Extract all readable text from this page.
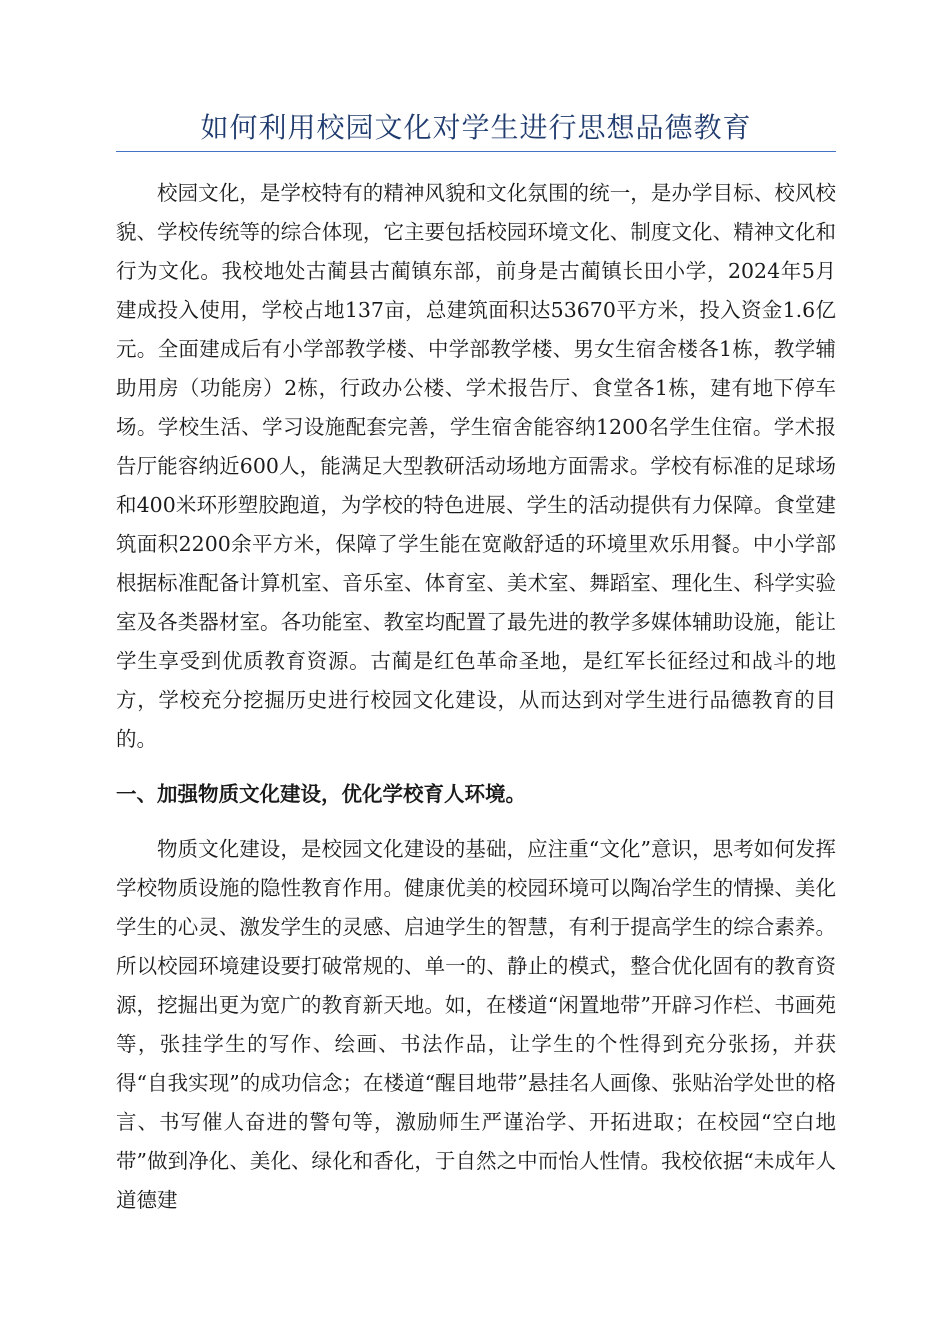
如何利用校园文化对学生进行思想品德教育

校园文化，是学校特有的精神风貌和文化氛围的统一，是办学目标、校风校貌、学校传统等的综合体现，它主要包括校园环境文化、制度文化、精神文化和行为文化。我校地处古蔺县古蔺镇东部，前身是古蔺镇长田小学，2024年5月建成投入使用，学校占地137亩，总建筑面积达53670平方米，投入资金1.6亿元。全面建成后有小学部教学楼、中学部教学楼、男女生宿舍楼各1栋，教学辅助用房（功能房）2栋，行政办公楼、学术报告厅、食堂各1栋，建有地下停车场。学校生活、学习设施配套完善，学生宿舍能容纳1200名学生住宿。学术报告厅能容纳近600人，能满足大型教研活动场地方面需求。学校有标准的足球场和400米环形塑胶跑道，为学校的特色进展、学生的活动提供有力保障。食堂建筑面积2200余平方米，保障了学生能在宽敞舒适的环境里欢乐用餐。中小学部根据标准配备计算机室、音乐室、体育室、美术室、舞蹈室、理化生、科学实验室及各类器材室。各功能室、教室均配置了最先进的教学多媒体辅助设施，能让学生享受到优质教育资源。古蔺是红色革命圣地，是红军长征经过和战斗的地方，学校充分挖掘历史进行校园文化建设，从而达到对学生进行品德教育的目的。

一、加强物质文化建设，优化学校育人环境。

物质文化建设，是校园文化建设的基础，应注重“文化”意识，思考如何发挥学校物质设施的隐性教育作用。健康优美的校园环境可以陶冶学生的情操、美化学生的心灵、激发学生的灵感、启迪学生的智慧，有利于提高学生的综合素养。所以校园环境建设要打破常规的、单一的、静止的模式，整合优化固有的教育资源，挖掘出更为宽广的教育新天地。如，在楼道“闲置地带”开辟习作栏、书画苑等，张挂学生的写作、绘画、书法作品，让学生的个性得到充分张扬，并获得“自我实现”的成功信念；在楼道“醒目地带”悬挂名人画像、张贴治学处世的格言、书写催人奋进的警句等，激励师生严谨治学、开拓进取；在校园“空白地带”做到净化、美化、绿化和香化，于自然之中而怡人性情。我校依据“未成年人道德建
